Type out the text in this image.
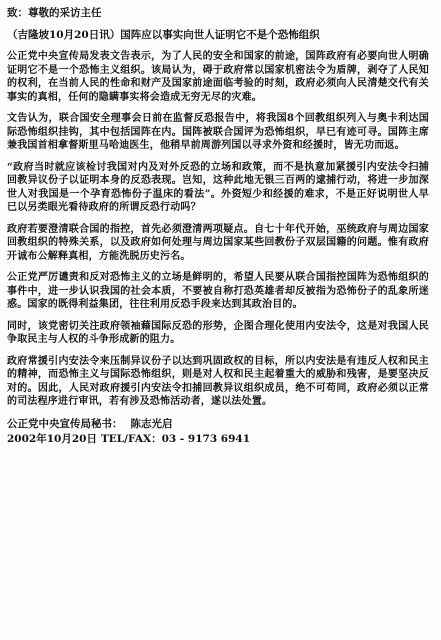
致：尊敬的采访主任
（吉隆坡10月20日讯）国阵应以事实向世人证明它不是个恐怖组织

公正党中央宣传局发表文告表示，为了人民的安全和国家的前途，国阵政府有必要向世人明确证明它不是一个恐怖主义组织。该局认为，碍于政府常以国家机密法令为盾牌，剥夺了人民知的权利，在当前人民的性命和财产及国家前途面临考验的时刻，政府必须向人民清楚交代有关事实的真相，任何的隐瞒事实将会造成无穷无尽的灾难。

文告认为，联合国安全理事会日前在监督反恐报告中，将我国8个回教组织列入与奥卡利达国际恐怖组织挂钩，其中包括国阵在内。国阵被联合国评为恐怖组织，早已有迹可寻。国阵主席兼我国首相拿督斯里马哈迪医生，他稍早前周游列国以寻求外资和经援时，皆无功而返。

“政府当时就应该检讨我国对内及对外反恐的立场和政策，而不是执意加紧援引内安法令扫捕回教异议份子以证明本身的反恐表现。岂知，这种此地无银三百两的逮捕行动，将进一步加深世人对我国是一个孕育恐怖份子温床的看法”。外资短少和经援的难求，不是正好说明世人早已以另类眼光看待政府的所谓反恐行动吗？

政府若要澄清联合国的指控，首先必须澄清两项疑点。自七十年代开始，巫统政府与周边国家回教组织的特殊关系，以及政府如何处理与周边国家某些回教份子双层国籍的问题。惟有政府开诚布公解释真相，方能洗脱历史污名。

公正党严厉谴责和反对恐怖主义的立场是鲜明的，希望人民要从联合国指控国阵为恐怖组织的事件中，进一步认识我国的社会本质，不要被自称打恐英雄者却反被指为恐怖份子的乱象所迷惑。国家的既得利益集团，往往利用反恐手段来达到其政治目的。

同时，该党密切关注政府领袖藉国际反恐的形势，企图合理化使用内安法令，这是对我国人民争取民主与人权的斗争形成新的阻力。

政府常援引内安法令来压制异议份子以达到巩固政权的目标，所以内安法是有违反人权和民主的精神，而恐怖主义与国际恐怖组织，则是对人权和民主起着重大的威胁和残害，是要坚决反对的。因此，人民对政府援引内安法令扣捕回教异议组织成员，绝不可苟同，政府必须以正常的司法程序进行审讯，若有涉及恐怖活动者，遂以法处置。

公正党中央宣传局秘书： 陈志光启
2002年10月20日 TEL/FAX：03 - 9173 6941
